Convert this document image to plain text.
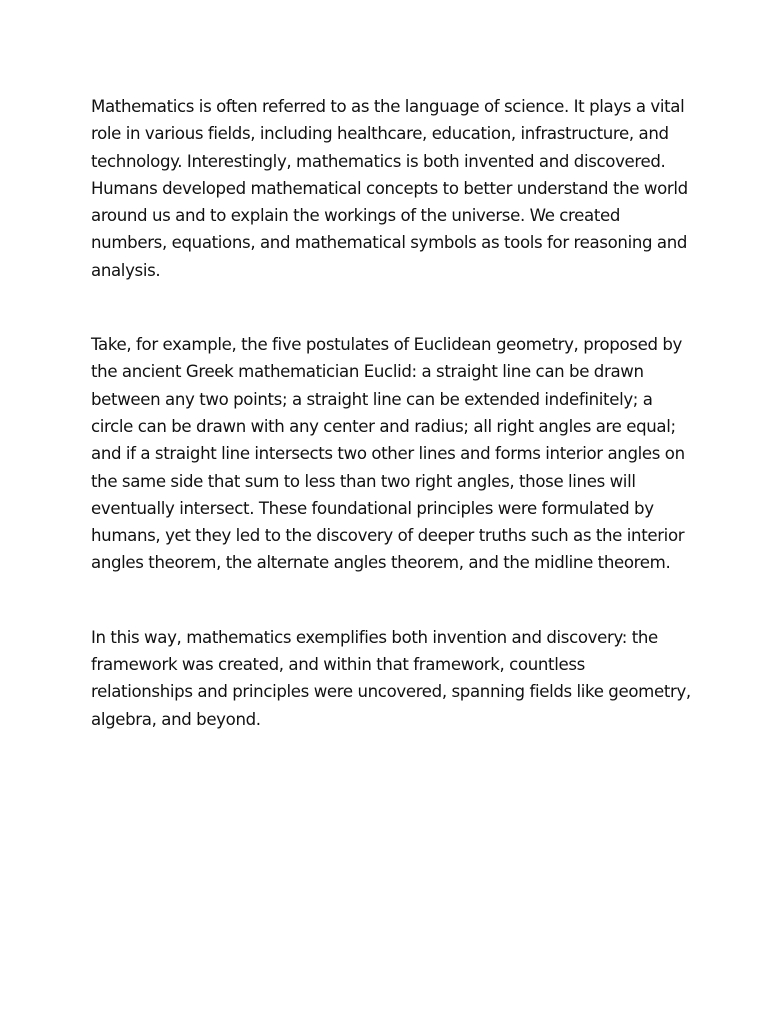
Mathematics is often referred to as the language of science. It plays a vital role in various fields, including healthcare, education, infrastructure, and technology. Interestingly, mathematics is both invented and discovered. Humans developed mathematical concepts to better understand the world around us and to explain the workings of the universe. We created numbers, equations, and mathematical symbols as tools for reasoning and analysis.

Take, for example, the five postulates of Euclidean geometry, proposed by the ancient Greek mathematician Euclid: a straight line can be drawn between any two points; a straight line can be extended indefinitely; a circle can be drawn with any center and radius; all right angles are equal; and if a straight line intersects two other lines and forms interior angles on the same side that sum to less than two right angles, those lines will eventually intersect. These foundational principles were formulated by humans, yet they led to the discovery of deeper truths such as the interior angles theorem, the alternate angles theorem, and the midline theorem.

In this way, mathematics exemplifies both invention and discovery: the framework was created, and within that framework, countless relationships and principles were uncovered, spanning fields like geometry, algebra, and beyond.
